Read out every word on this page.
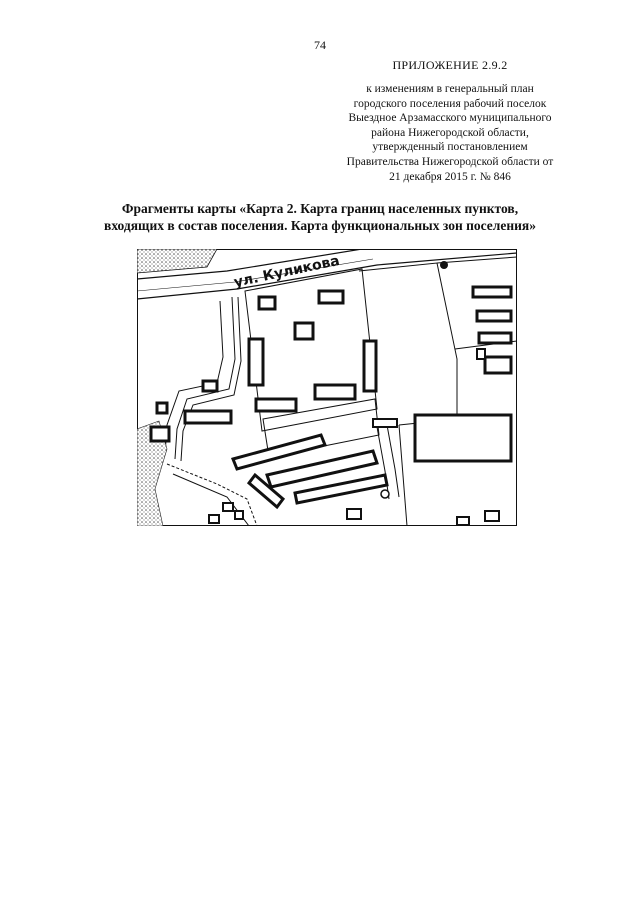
74
ПРИЛОЖЕНИЕ 2.9.2
к изменениям в генеральный план
городского поселения рабочий поселок
Выездное Арзамасского муниципального
района Нижегородской области,
утвержденный постановлением
Правительства Нижегородской области от
21 декабря 2015 г. № 846
Фрагменты карты «Карта 2. Карта границ населенных пунктов,
входящих в состав поселения. Карта функциональных зон поселения»
ул. Куликова
